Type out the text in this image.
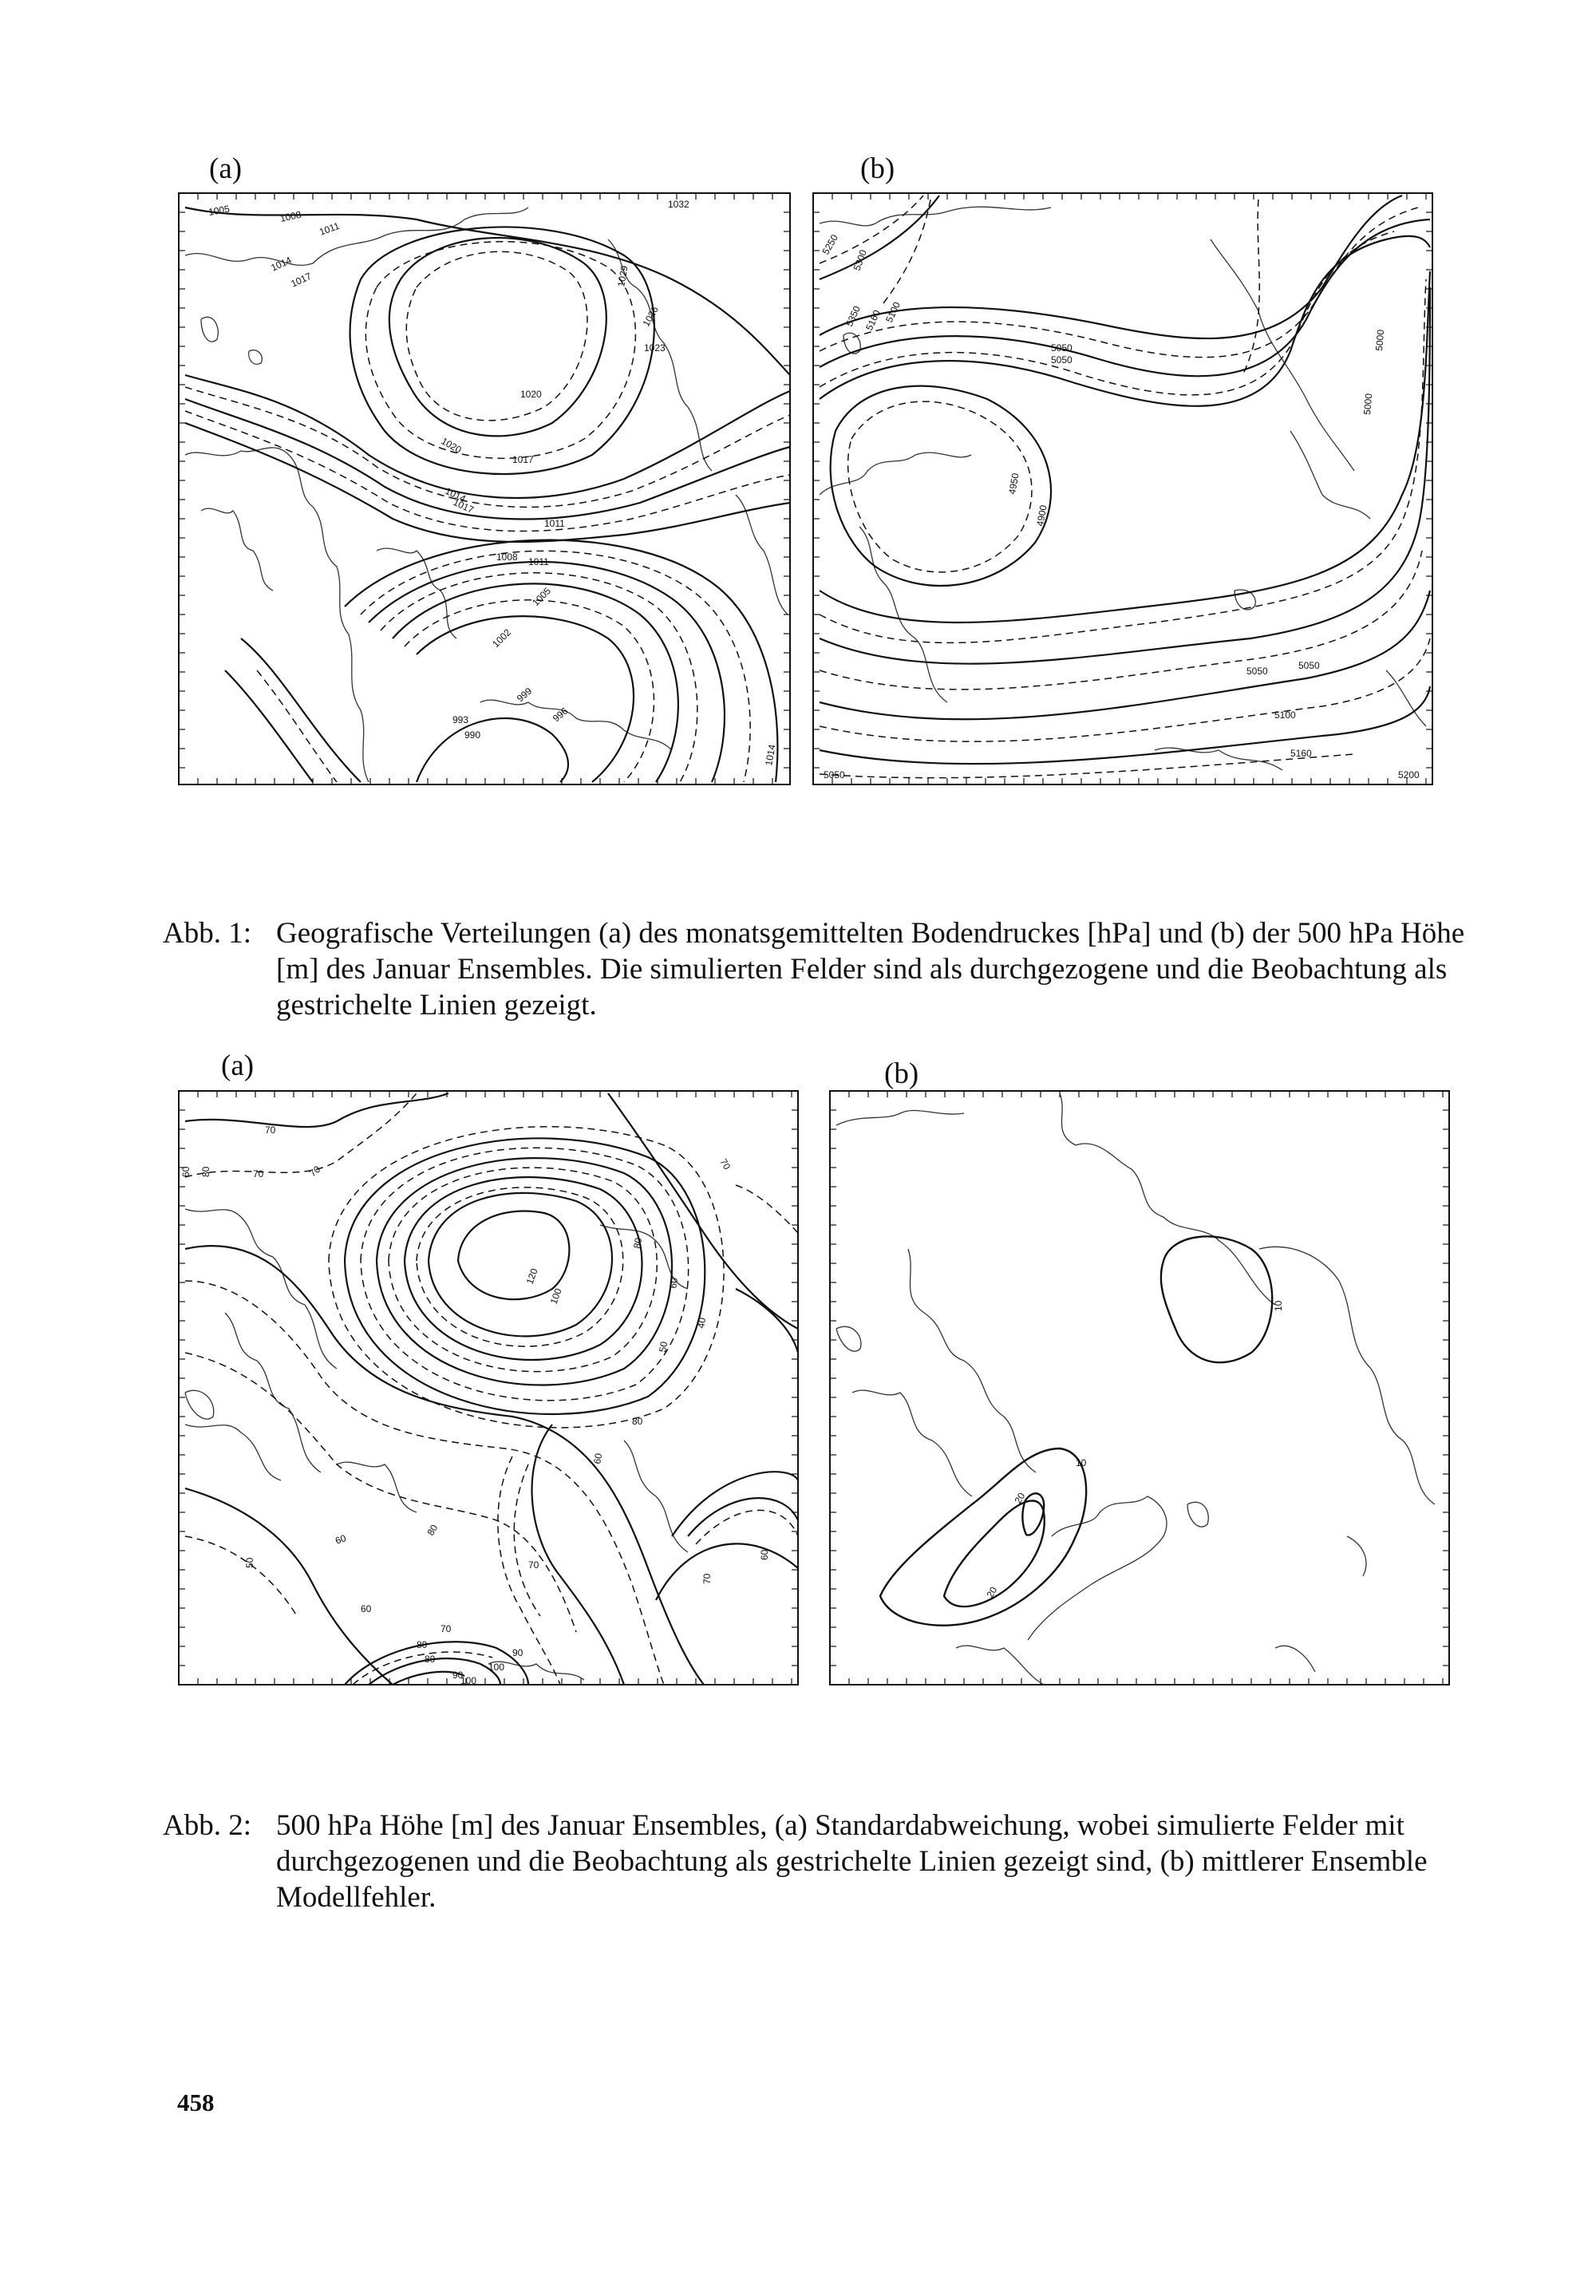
(a)	(b)
1005	1008
1011
1014
1017
1020
1023
1020
1017
1014
1017
1011
1008 1011
1002
1005
999
996
993
990
1014
1029
1026
1032
5250
5300
5350 5160 5100
5050
5050
5000
5000
4950
4900
5050	5050
5100
5160
5200
5050
Abb. 1: Geografische Verteilungen (a) des monatsgemittelten Bodendruckes [hPa] und (b) der 500 hPa Höhe [m] des Januar Ensembles. Die simulierten Felder sind als durchgezogene und die Beobachtung als gestrichelte Linien gezeigt.
(a)	(b)
70
70	70
80
60
70
100
120
80
60
40
50
60
70
60
50
80
80
70
60
90
100
80
60
70
80
90
100
10
10
20
20
Abb. 2: 500 hPa Höhe [m] des Januar Ensembles, (a) Standardabweichung, wobei simulierte Felder mit durchgezogenen und die Beobachtung als gestrichelte Linien gezeigt sind, (b) mittlerer Ensemble Modellfehler.
458
